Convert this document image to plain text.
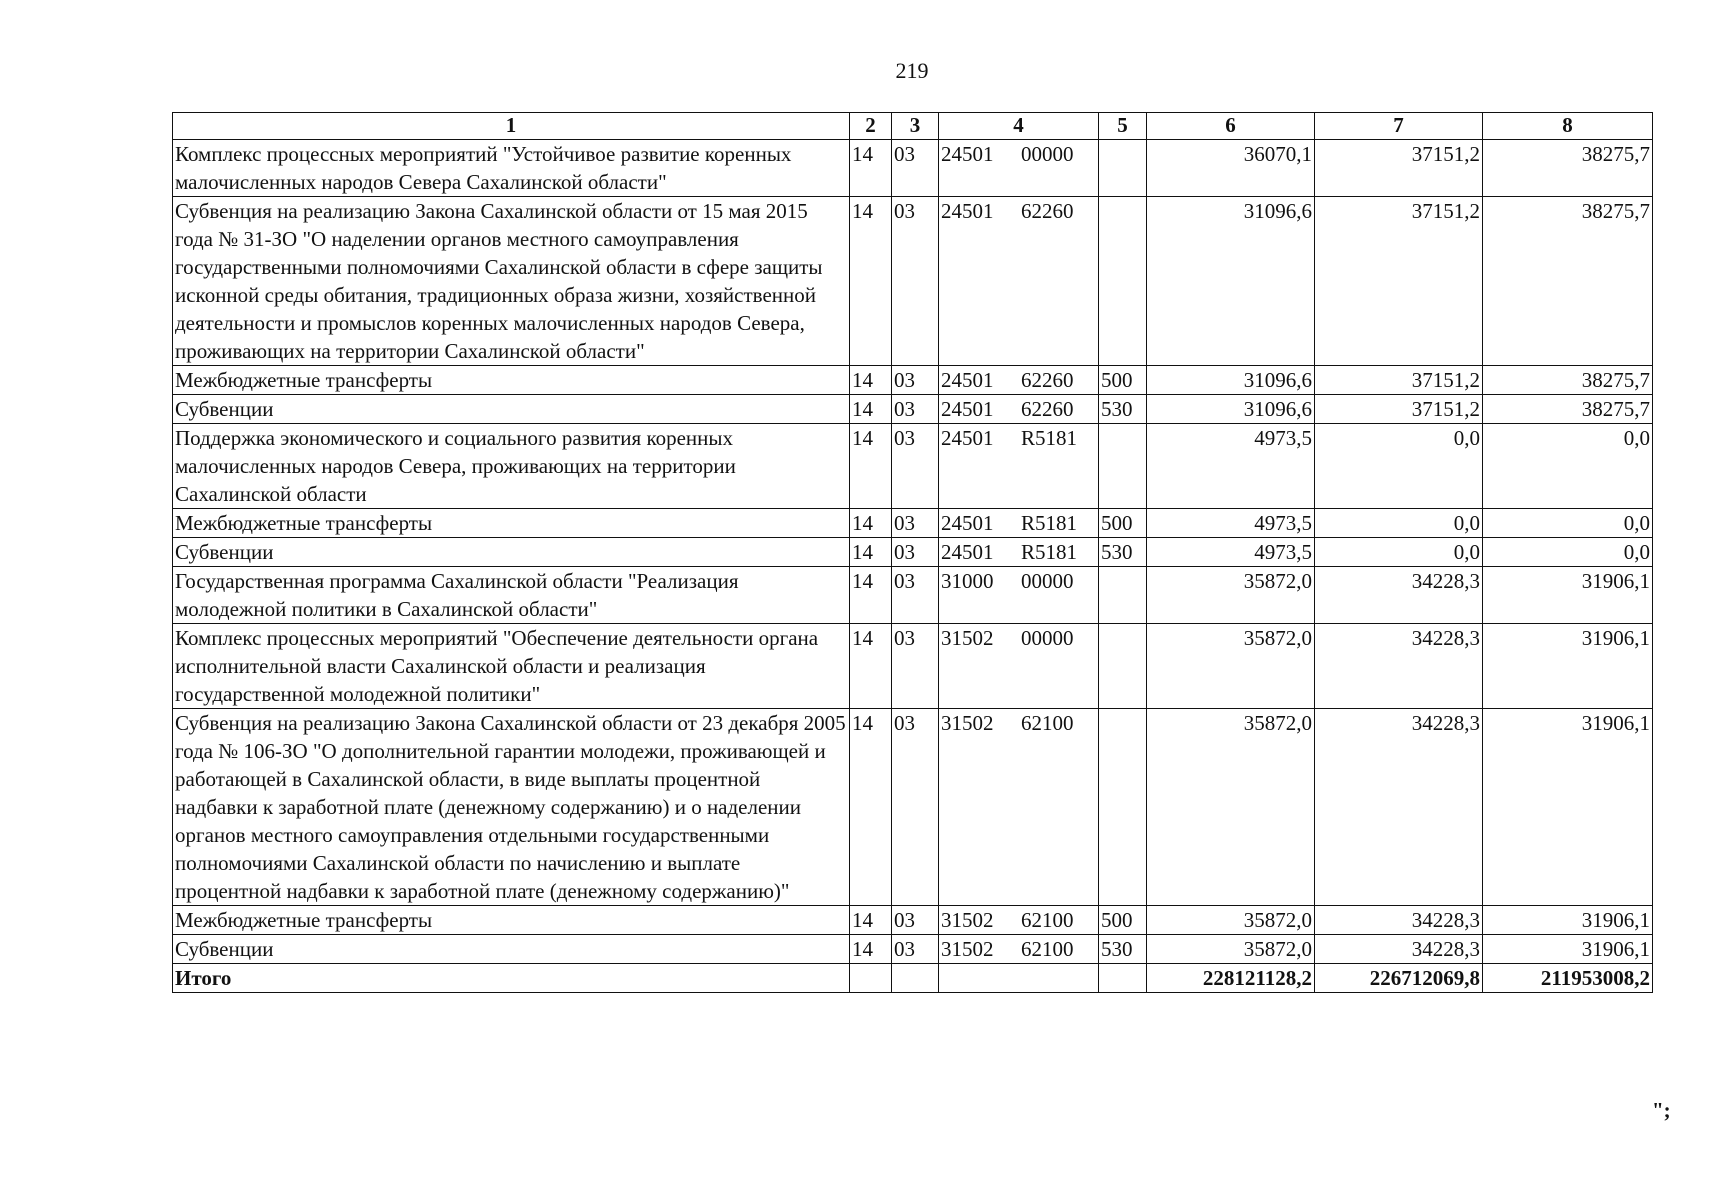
219
1	2	3	4	5	6	7	8
Комплекс процессных мероприятий "Устойчивое развитие коренных малочисленных народов Севера Сахалинской области"	14	03	24501 00000		36070,1	37151,2	38275,7
Субвенция на реализацию Закона Сахалинской области от 15 мая 2015 года № 31-ЗО "О наделении органов местного самоуправления государственными полномочиями Сахалинской области в сфере защиты исконной среды обитания, традиционных образа жизни, хозяйственной деятельности и промыслов коренных малочисленных народов Севера, проживающих на территории Сахалинской области"	14	03	24501 62260		31096,6	37151,2	38275,7
Межбюджетные трансферты	14	03	24501 62260	500	31096,6	37151,2	38275,7
Субвенции	14	03	24501 62260	530	31096,6	37151,2	38275,7
Поддержка экономического и социального развития коренных малочисленных народов Севера, проживающих на территории Сахалинской области	14	03	24501 R5181		4973,5	0,0	0,0
Межбюджетные трансферты	14	03	24501 R5181	500	4973,5	0,0	0,0
Субвенции	14	03	24501 R5181	530	4973,5	0,0	0,0
Государственная программа Сахалинской области "Реализация молодежной политики в Сахалинской области"	14	03	31000 00000		35872,0	34228,3	31906,1
Комплекс процессных мероприятий "Обеспечение деятельности органа исполнительной власти Сахалинской области и реализация государственной молодежной политики"	14	03	31502 00000		35872,0	34228,3	31906,1
Субвенция на реализацию Закона Сахалинской области от 23 декабря 2005 года № 106-ЗО "О дополнительной гарантии молодежи, проживающей и работающей в Сахалинской области, в виде выплаты процентной надбавки к заработной плате (денежному содержанию) и о наделении органов местного самоуправления отдельными государственными полномочиями Сахалинской области по начислению и выплате процентной надбавки к заработной плате (денежному содержанию)"	14	03	31502 62100		35872,0	34228,3	31906,1
Межбюджетные трансферты	14	03	31502 62100	500	35872,0	34228,3	31906,1
Субвенции	14	03	31502 62100	530	35872,0	34228,3	31906,1
Итого					228121128,2	226712069,8	211953008,2
";
